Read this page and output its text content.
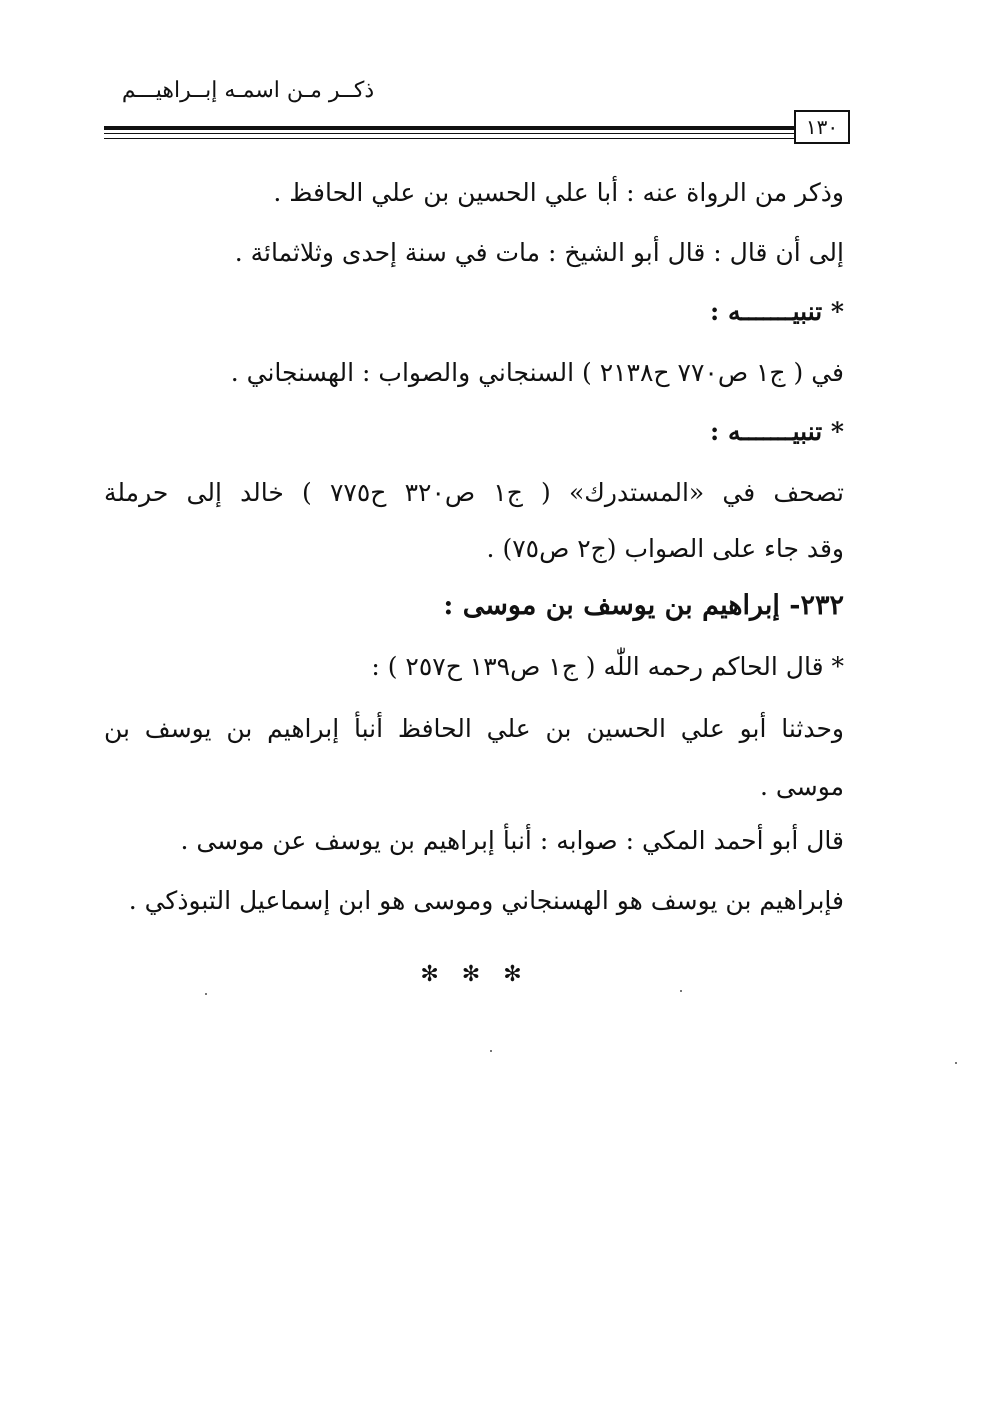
ذكــر مـن اسمـه إبــراهيـــم
١٣٠
وذكر من الرواة عنه : أبا علي الحسين بن علي الحافظ .
إلى أن قال : قال أبو الشيخ : مات في سنة إحدى وثلاثمائة .
* تنبيـــــــه :
في ( ج١ ص٧٧٠ ح٢١٣٨ ) السنجاني والصواب : الهسنجاني .
* تنبيـــــــه :
تصحف في «المستدرك» ( ج١ ص٣٢٠ ح٧٧٥ ) خالد إلى حرملة
وقد جاء على الصواب (ج٢ ص٧٥) .
٢٣٢- إبراهيم بن يوسف بن موسى :
* قال الحاكم رحمه اللّٰه ( ج١ ص١٣٩ ح٢٥٧ ) :
وحدثنا أبو علي الحسين بن علي الحافظ أنبأ إبراهيم بن يوسف بن
موسى .
قال أبو أحمد المكي : صوابه : أنبأ إبراهيم بن يوسف عن موسى .
فإبراهيم بن يوسف هو الهسنجاني وموسى هو ابن إسماعيل التبوذكي .
✻ ✻ ✻
